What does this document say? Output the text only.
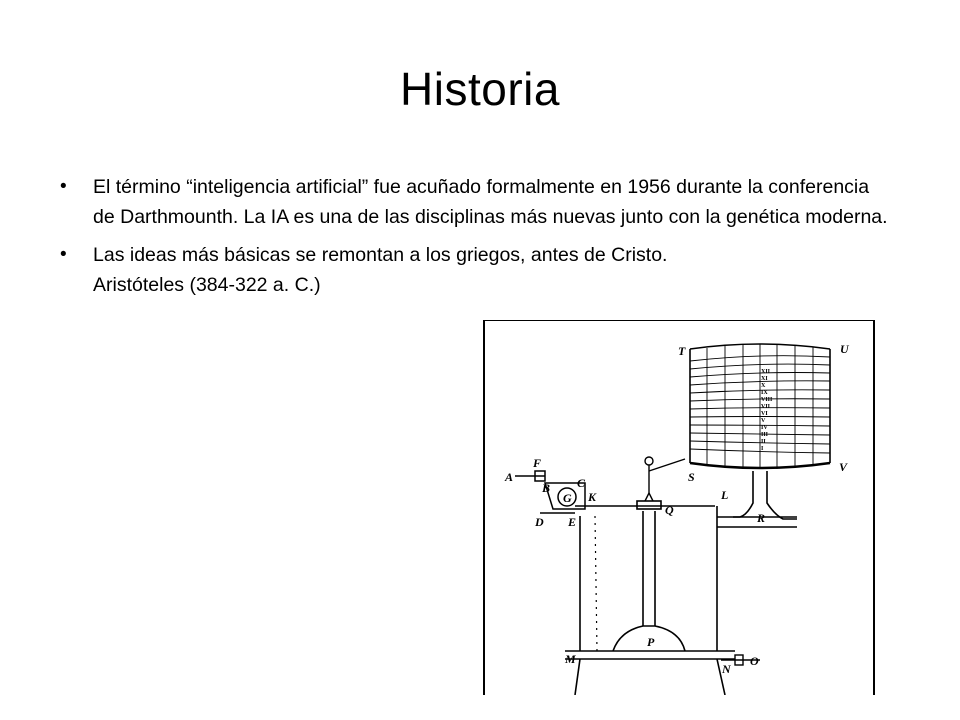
Historia
• El término “inteligencia artificial” fue acuñado formalmente en 1956 durante la conferencia de Darthmounth. La IA es una de las disciplinas más nuevas junto con la genética moderna.
• Las ideas más básicas se remontan a los griegos, antes de Cristo. Aristóteles (384-322 a. C.)
XII
XI
X
IX
VIII
VII
VI
V
IV
III
II
I
T	U
V
S
R
F
A
B C
G K
D E
L
Q
P
M
N
O
